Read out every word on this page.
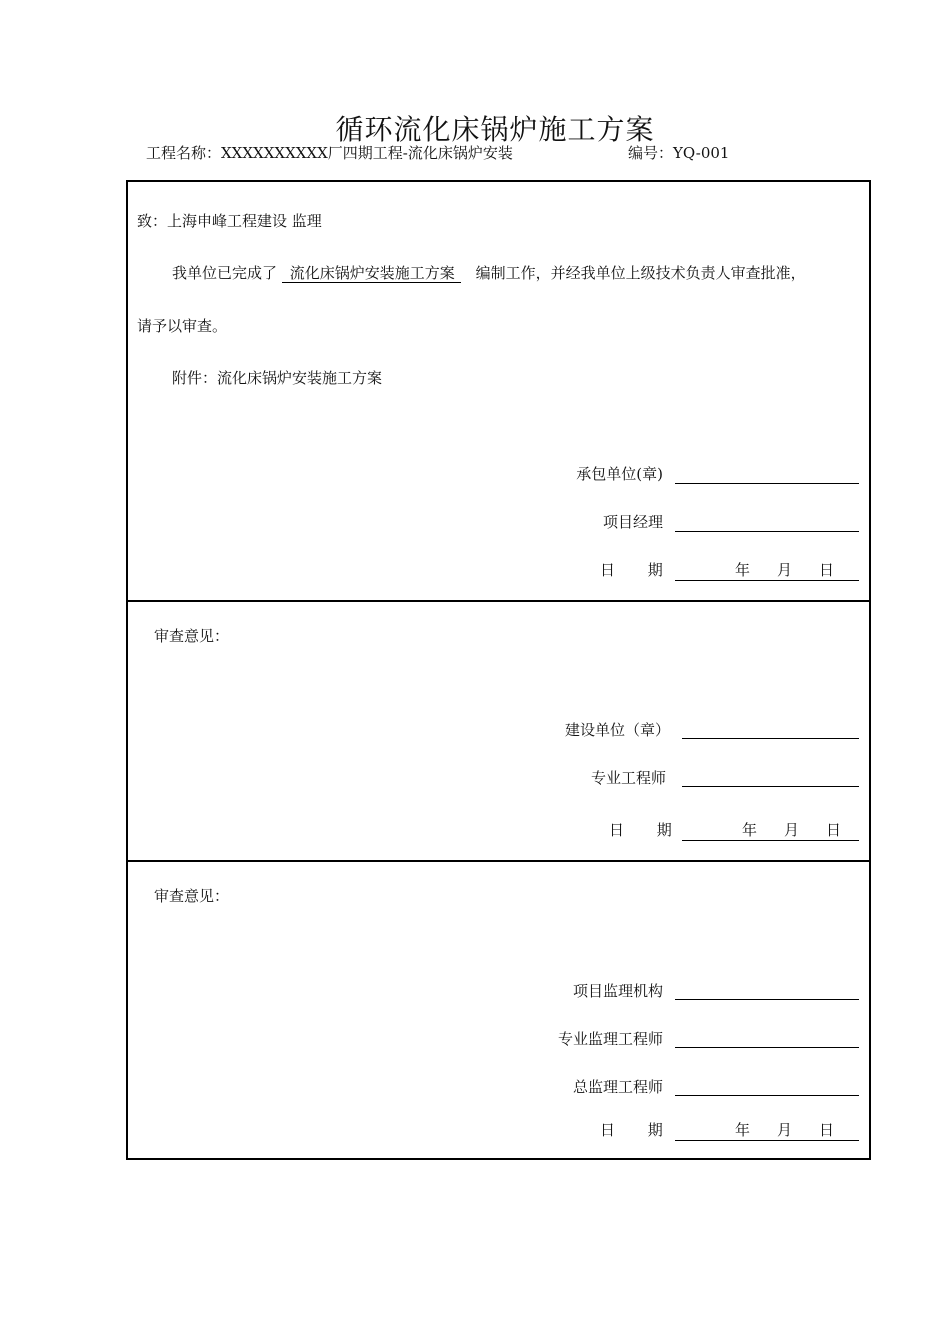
循环流化床锅炉施工方案
工程名称：XXXXXXXXXX厂四期工程-流化床锅炉安装	编号：YQ-001
致：上海申峰工程建设 监理
我单位已完成了 流化床锅炉安装施工方案 编制工作，并经我单位上级技术负责人审查批准，
请予以审查。
附件：流化床锅炉安装施工方案
承包单位(章)
项目经理
日 期	年 月 日
审查意见：
建设单位（章）
专业工程师
日 期	年 月 日
审查意见：
项目监理机构
专业监理工程师
总监理工程师
日 期	年 月 日
